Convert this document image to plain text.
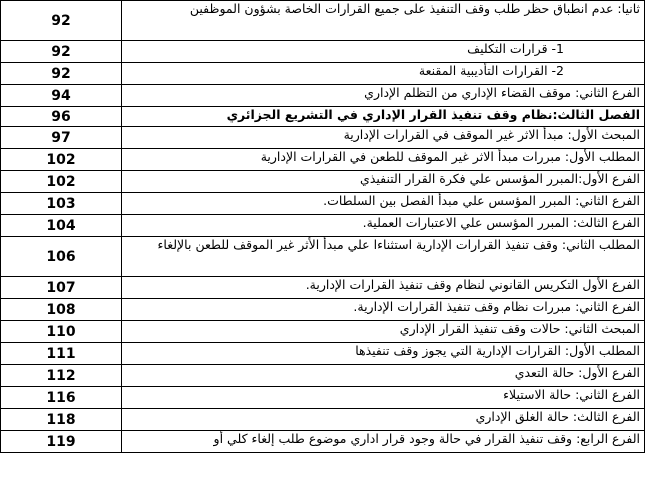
92	ثانيا: عدم انطباق حظر طلب وقف التنفيذ على جميع القرارات الخاصة بشؤون الموظفين
92	1- قرارات التكليف
92	2- القرارات التأديبية المقنعة
94	الفرع الثاني: موقف القضاء الإداري من التظلم الإداري
96	الفصل الثالث:نظام وقف تنفيذ القرار الإداري في التشريع الجزائري
97	المبحث الأول: مبدأ الاثر غير الموقف في القرارات الإدارية
102	المطلب الأول: مبررات مبدأ الاثر غير الموقف للطعن في القرارات الإدارية
102	الفرع الأول:المبرر المؤسس علي فكرة القرار التنفيذي
103	الفرع الثاني: المبرر المؤسس علي مبدأ الفصل بين السلطات.
104	الفرع الثالث: المبرر المؤسس علي الاعتبارات العملية.
106	المطلب الثاني: وقف تنفيذ القرارات الإدارية استثناءا علي مبدأ الأثر غير الموقف للطعن بالإلغاء
107	الفرع الأول التكريس القانوني لنظام وقف تنفيذ القرارات الإدارية.
108	الفرع الثاني: مبررات نظام وقف تنفيذ القرارات الإدارية.
110	المبحث الثاني: حالات وقف تنفيذ القرار الإداري
111	المطلب الأول: القرارات الإدارية التي يجوز وقف تنفيذها
112	الفرع الأول: حالة التعدي
116	الفرع الثاني: حالة الاستيلاء
118	الفرع الثالث: حالة الغلق الإداري
119	الفرع الرابع: وقف تنفيذ القرار في حالة وجود قرار اداري موضوع طلب إلغاء كلي أو
